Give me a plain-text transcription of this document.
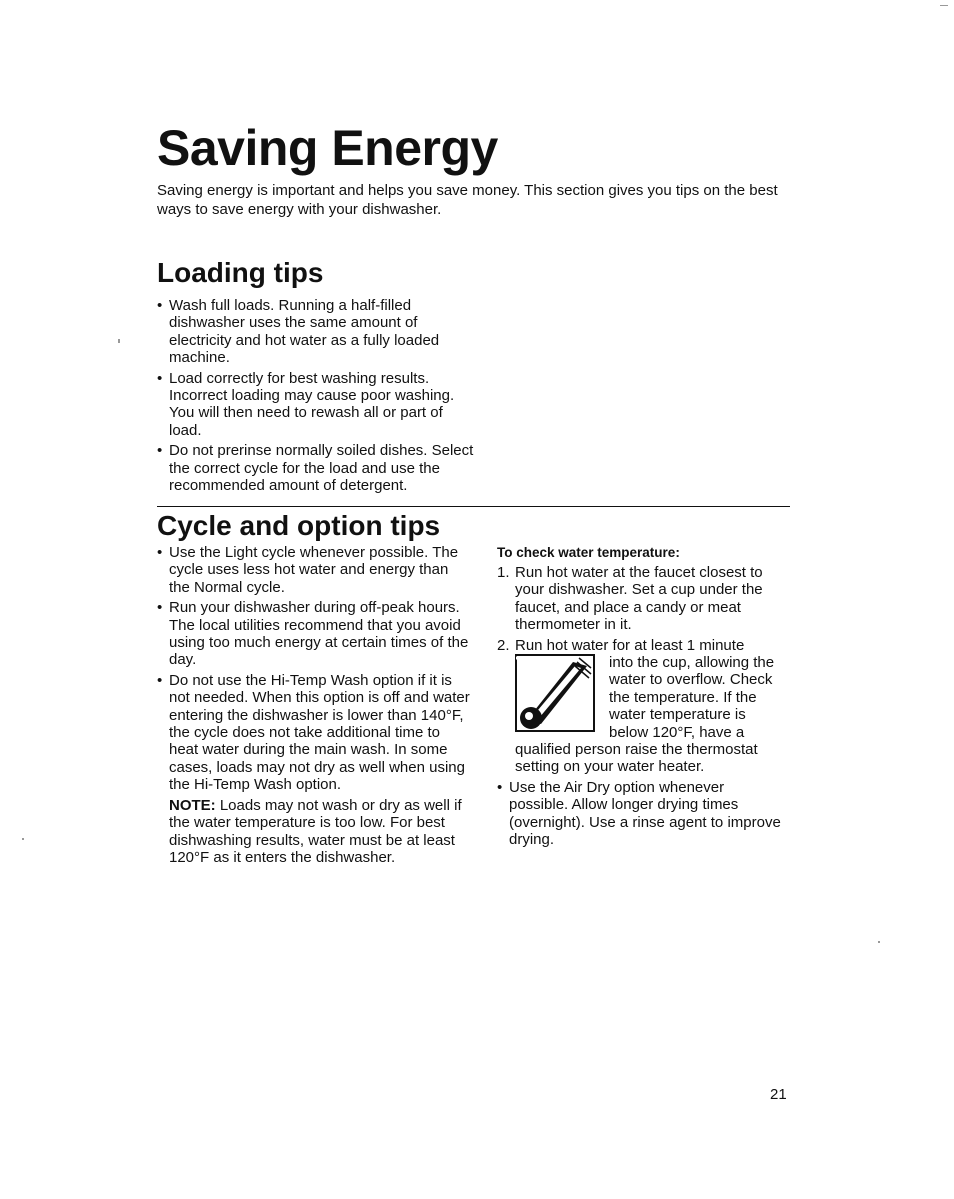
Saving Energy

Saving energy is important and helps you save money. This section gives you tips on the best ways to save energy with your dishwasher.

Loading tips
• Wash full loads. Running a half-filled dishwasher uses the same amount of electricity and hot water as a fully loaded machine.
• Load correctly for best washing results. Incorrect loading may cause poor washing. You will then need to rewash all or part of load.
• Do not prerinse normally soiled dishes. Select the correct cycle for the load and use the recommended amount of detergent.
Cycle and option tips
• Use the Light cycle whenever possible. The cycle uses less hot water and energy than the Normal cycle.
• Run your dishwasher during off-peak hours. The local utilities recommend that you avoid using too much energy at certain times of the day.
• Do not use the Hi-Temp Wash option if it is not needed. When this option is off and water entering the dishwasher is lower than 140°F, the cycle does not take additional time to heat water during the main wash. In some cases, loads may not dry as well when using the Hi-Temp Wash option.
NOTE: Loads may not wash or dry as well if the water temperature is too low. For best dishwashing results, water must be at least 120°F as it enters the dishwasher.
To check water temperature:
1. Run hot water at the faucet closest to your dishwasher. Set a cup under the faucet, and place a candy or meat thermometer in it.
2. Run hot water for at least 1 minute

into the cup, allowing the water to overflow. Check the temperature. If the water temperature is below 120°F, have a qualified person raise the thermostat setting on your water heater.
• Use the Air Dry option whenever possible. Allow longer drying times (overnight). Use a rinse agent to improve drying.
21
